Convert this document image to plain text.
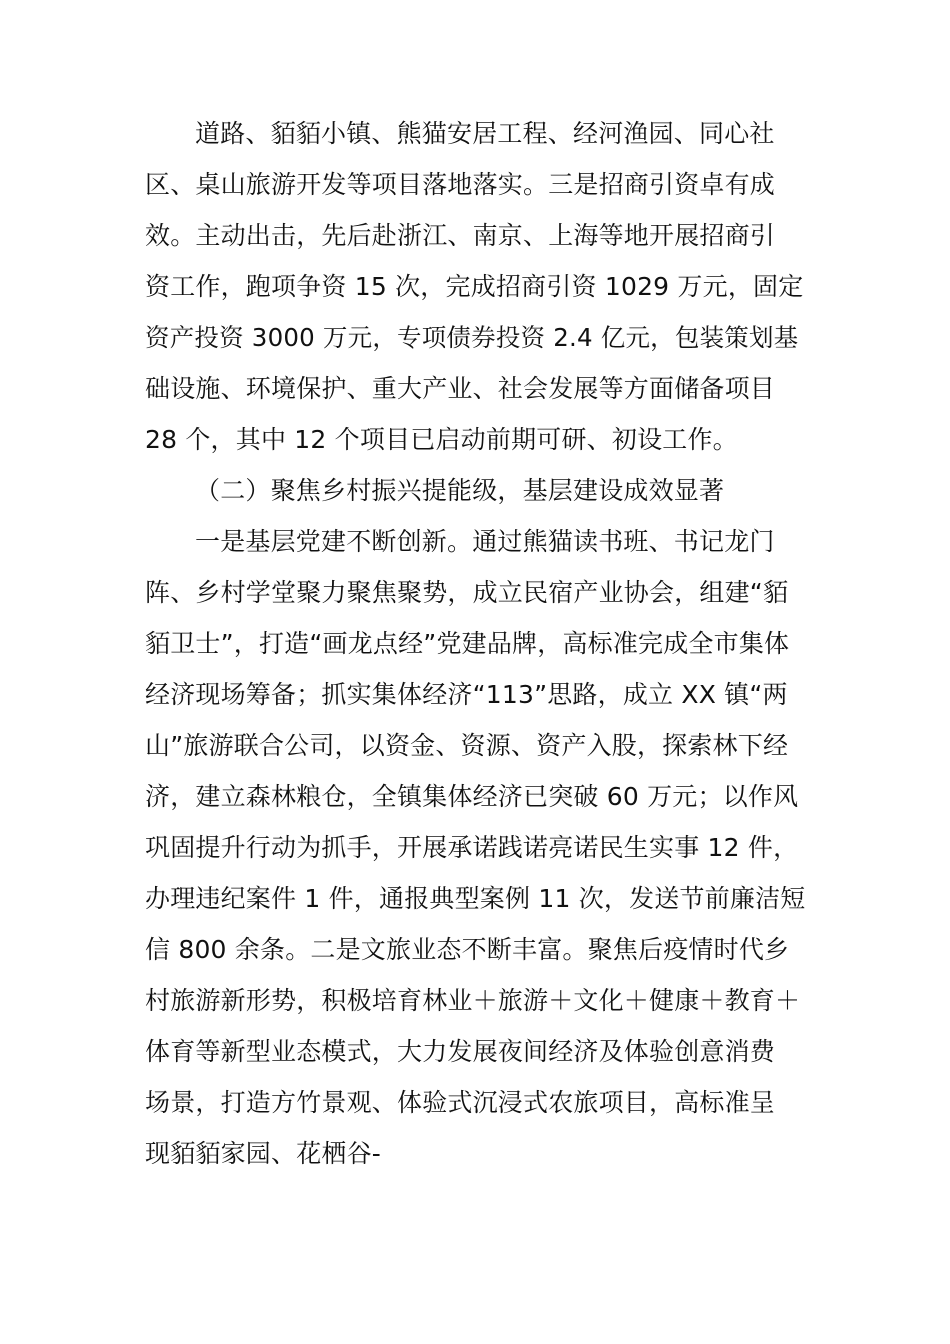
道路、貊貊小镇、熊猫安居工程、经河渔园、同心社
区、桌山旅游开发等项目落地落实。三是招商引资卓有成
效。主动出击，先后赴浙江、南京、上海等地开展招商引
资工作，跑项争资 15 次，完成招商引资 1029 万元，固定
资产投资 3000 万元，专项债券投资 2.4 亿元，包装策划基
础设施、环境保护、重大产业、社会发展等方面储备项目
28 个，其中 12 个项目已启动前期可研、初设工作。
（二）聚焦乡村振兴提能级，基层建设成效显著
一是基层党建不断创新。通过熊猫读书班、书记龙门
阵、乡村学堂聚力聚焦聚势，成立民宿产业协会，组建“貊
貊卫士”，打造“画龙点经”党建品牌，高标准完成全市集体
经济现场筹备；抓实集体经济“113”思路，成立 XX 镇“两
山”旅游联合公司，以资金、资源、资产入股，探索林下经
济，建立森林粮仓，全镇集体经济已突破 60 万元；以作风
巩固提升行动为抓手，开展承诺践诺亮诺民生实事 12 件，
办理违纪案件 1 件，通报典型案例 11 次，发送节前廉洁短
信 800 余条。二是文旅业态不断丰富。聚焦后疫情时代乡
村旅游新形势，积极培育林业＋旅游＋文化＋健康＋教育＋
体育等新型业态模式，大力发展夜间经济及体验创意消费
场景，打造方竹景观、体验式沉浸式农旅项目，高标准呈
现貊貊家园、花栖谷-
